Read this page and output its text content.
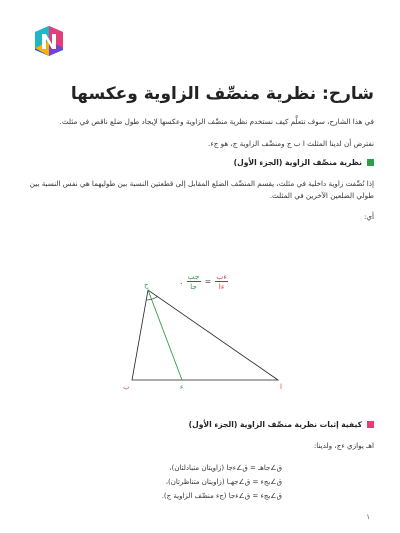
شارح: نظرية منصِّف الزاوية وعكسها

في هذا الشارح، سوف نتعلَّم كيف نستخدم نظرية منصِّف الزاوية وعكسها لإيجاد طول ضلع ناقص في مثلث.

نفترض أن لدينا المثلث ا ب ج ومنصِّف الزاوية ج، هو جء.

نظرية منصِّف الزاوية (الجزء الأول)

إذا نُصِّفت زاوية داخلية في مثلث، يقسم المنصِّف الضلع المقابل إلى قطعتين النسبة بين طوليهما هي نفس النسبة بين طولي الضلعين الآخرين في المثلث.

أي:

. $\frac{\text{جب}}{\text{جا}} = \frac{\text{ءب}}{\text{ءا}}$
ج
ب	ء	ا
كيفية إثبات نظرية منصِّف الزاوية (الجزء الأول)

اهـ يوازي ءج، ولدينا:

ق∠جاهـ = ق∠ءجا (زاويتان متبادلتان)،
ق∠بجء = ق∠جهـا (زاويتان متناظرتان)،
ق∠بجء = ق∠ءجا (جء منصِّف الزاوية ج).
١
